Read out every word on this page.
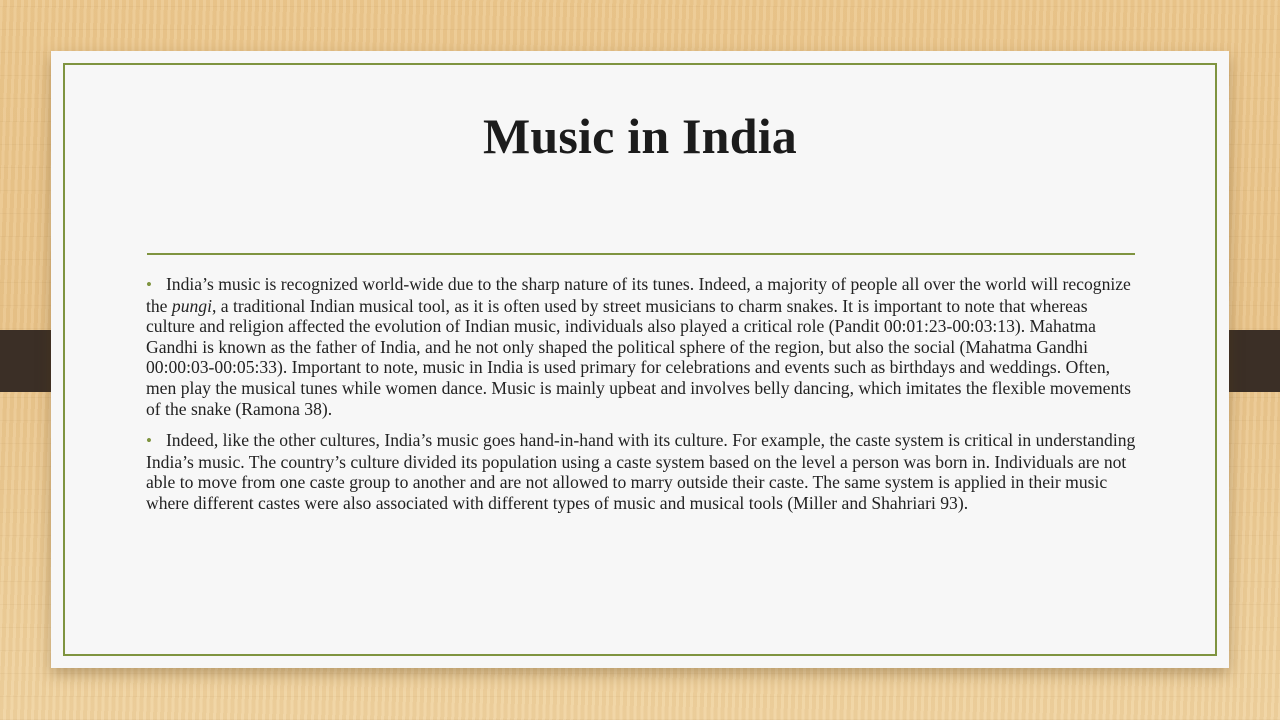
Music in India
• India’s music is recognized world-wide due to the sharp nature of its tunes. Indeed, a majority of people all over the world will recognize the pungi, a traditional Indian musical tool, as it is often used by street musicians to charm snakes. It is important to note that whereas culture and religion affected the evolution of Indian music, individuals also played a critical role (Pandit 00:01:23-00:03:13). Mahatma Gandhi is known as the father of India, and he not only shaped the political sphere of the region, but also the social (Mahatma Gandhi 00:00:03-00:05:33). Important to note, music in India is used primary for celebrations and events such as birthdays and weddings. Often, men play the musical tunes while women dance. Music is mainly upbeat and involves belly dancing, which imitates the flexible movements of the snake (Ramona 38).
• Indeed, like the other cultures, India’s music goes hand-in-hand with its culture. For example, the caste system is critical in understanding India’s music. The country’s culture divided its population using a caste system based on the level a person was born in. Individuals are not able to move from one caste group to another and are not allowed to marry outside their caste. The same system is applied in their music where different castes were also associated with different types of music and musical tools (Miller and Shahriari 93).
